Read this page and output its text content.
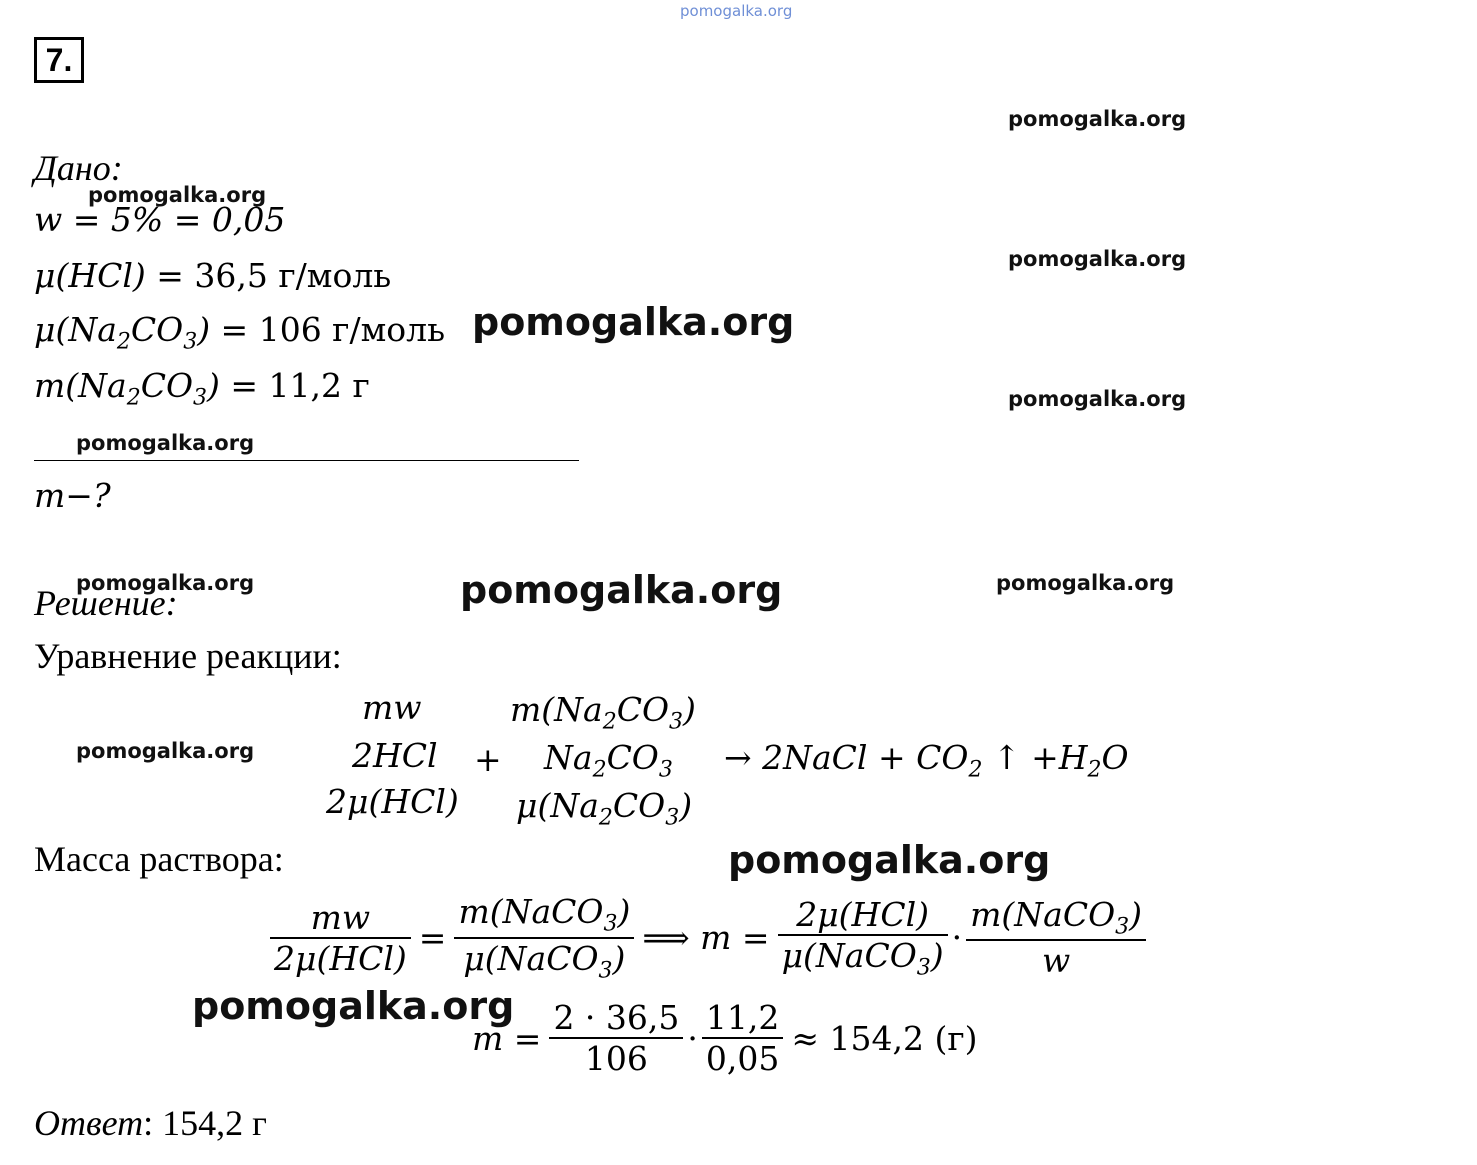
pomogalka.org
7.
pomogalka.org
pomogalka.org
pomogalka.org
pomogalka.org
pomogalka.org
pomogalka.org
pomogalka.org	pomogalka.org	pomogalka.org
pomogalka.org
pomogalka.org
pomogalka.org
Дано:
w = 5% = 0,05
μ(HCl) = 36,5 г/моль
$\mu(Na_2CO_3) = 106$ г/моль
$m(Na_2CO_3) = 11,2$ г
m−?
Решение:
Уравнение реакции:
mw
2HCl
2μ(HCl)
+
$m(Na_2CO_3)$
$Na_2CO_3$
$\mu(Na_2CO_3)$
→ 2NaCl + $CO_2$ ↑ $+H_2O$
Масса раствора:
$\frac{mw}{\text{2μ(HCl)}} = \frac{m(NaCO_3)}{\mu(NaCO_3)}$ ⟹ $m = \frac{\text{2μ(HCl)}}{\mu(NaCO_3)} \cdot \frac{m(NaCO_3)}{w}$
$m = \frac{2 \cdot 36,5}{106} \cdot \frac{11,2}{0,05} \approx 154,2$ (г)
Ответ: 154,2 г
